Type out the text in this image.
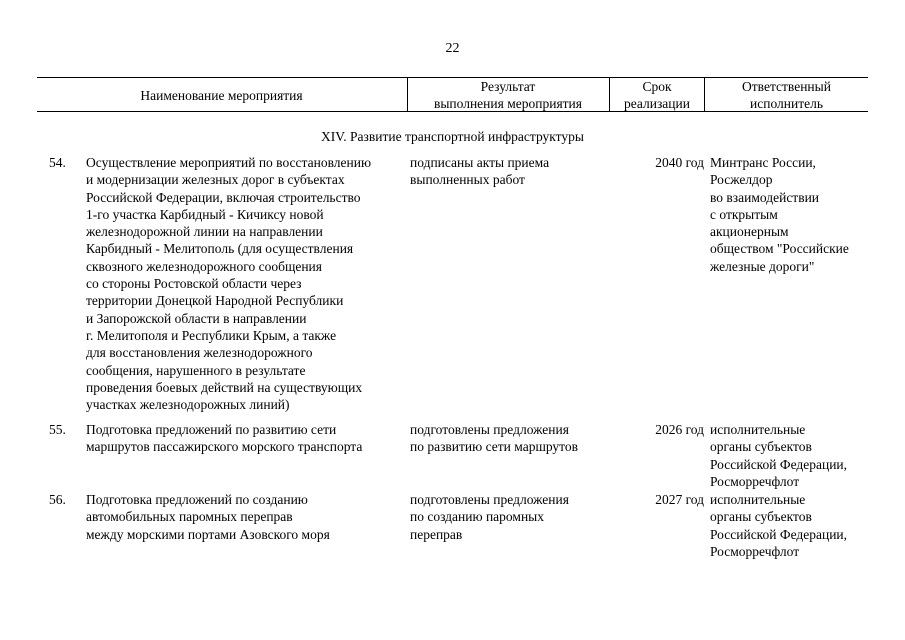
22
Наименование мероприятия
Результат
выполнения мероприятия
Срок
реализации
Ответственный
исполнитель
XIV. Развитие транспортной инфраструктуры
54. Осуществление мероприятий по восстановлению
и модернизации железных дорог в субъектах
Российской Федерации, включая строительство
1-го участка Карбидный - Кичиксу новой
железнодорожной линии на направлении
Карбидный - Мелитополь (для осуществления
сквозного железнодорожного сообщения
со стороны Ростовской области через
территории Донецкой Народной Республики
и Запорожской области в направлении
г. Мелитополя и Республики Крым, а также
для восстановления железнодорожного
сообщения, нарушенного в результате
проведения боевых действий на существующих
участках железнодорожных линий)
подписаны акты приема
выполненных работ
2040 год Минтранс России,
Росжелдор
во взаимодействии
с открытым
акционерным
обществом "Российские
железные дороги"
55. Подготовка предложений по развитию сети
маршрутов пассажирского морского транспорта
подготовлены предложения
по развитию сети маршрутов
2026 год исполнительные
органы субъектов
Российской Федерации,
Росморречфлот
56. Подготовка предложений по созданию
автомобильных паромных переправ
между морскими портами Азовского моря
подготовлены предложения
по созданию паромных
переправ
2027 год исполнительные
органы субъектов
Российской Федерации,
Росморречфлот
